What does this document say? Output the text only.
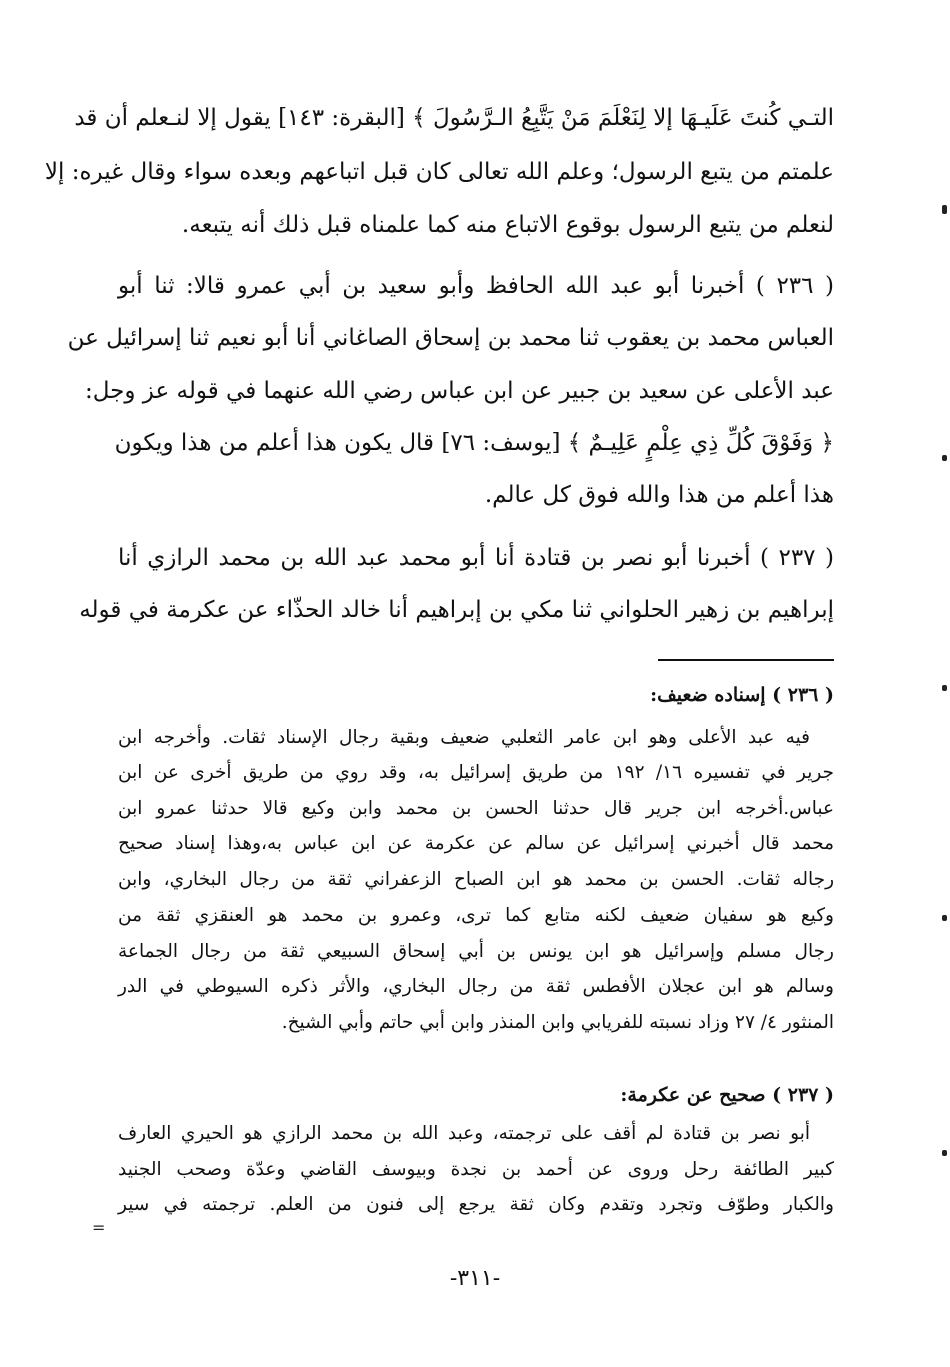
التـي كُنتَ عَلَيـهَا إلا لِنَعْلَمَ مَنْ يَتَّبِعُ الـرَّسُولَ ﴾ [البقرة: ١٤٣] يقول إلا لنـعلم أن قد
علمتم من يتبع الرسول؛ وعلم الله تعالى كان قبل اتباعهم وبعده سواء وقال غيره: إلا
لنعلم من يتبع الرسول بوقوع الاتباع منه كما علمناه قبل ذلك أنه يتبعه.
( ٢٣٦ ) أخبرنا أبو عبد الله الحافظ وأبو سعيد بن أبي عمرو قالا: ثنا أبو
العباس محمد بن يعقوب ثنا محمد بن إسحاق الصاغاني أنا أبو نعيم ثنا إسرائيل عن
عبد الأعلى عن سعيد بن جبير عن ابن عباس رضي الله عنهما في قوله عز وجل:
﴿ وَفَوْقَ كُلِّ ذِي عِلْمٍ عَلِيـمٌ ﴾ [يوسف: ٧٦] قال يكون هذا أعلم من هذا ويكون
هذا أعلم من هذا والله فوق كل عالم.
( ٢٣٧ ) أخبرنا أبو نصر بن قتادة أنا أبو محمد عبد الله بن محمد الرازي أنا
إبراهيم بن زهير الحلواني ثنا مكي بن إبراهيم أنا خالد الحذّاء عن عكرمة في قوله
( ٢٣٦ ) إسناده ضعيف:
فيه عبد الأعلى وهو ابن عامر الثعلبي ضعيف وبقية رجال الإسناد ثقات. وأخرجه ابن
جرير في تفسيره ١٦/ ١٩٢ من طريق إسرائيل به، وقد روي من طريق أخرى عن ابن
عباس.أخرجه ابن جرير قال حدثنا الحسن بن محمد وابن وكيع قالا حدثنا عمرو ابن
محمد قال أخبرني إسرائيل عن سالم عن عكرمة عن ابن عباس به،وهذا إسناد صحيح
رجاله ثقات. الحسن بن محمد هو ابن الصباح الزعفراني ثقة من رجال البخاري، وابن
وكيع هو سفيان ضعيف لكنه متابع كما ترى، وعمرو بن محمد هو العنقزي ثقة من
رجال مسلم وإسرائيل هو ابن يونس بن أبي إسحاق السبيعي ثقة من رجال الجماعة
وسالم هو ابن عجلان الأفطس ثقة من رجال البخاري، والأثر ذكره السيوطي في الدر
المنثور ٤/ ٢٧ وزاد نسبته للفريابي وابن المنذر وابن أبي حاتم وأبي الشيخ.
( ٢٣٧ ) صحيح عن عكرمة:
أبو نصر بن قتادة لم أقف على ترجمته، وعبد الله بن محمد الرازي هو الحيري العارف
كبير الطائفة رحل وروى عن أحمد بن نجدة وبيوسف القاضي وعدّة وصحب الجنيد
والكبار وطوّف وتجرد وتقدم وكان ثقة يرجع إلى فنون من العلم. ترجمته في سير
=
-٣١١-
